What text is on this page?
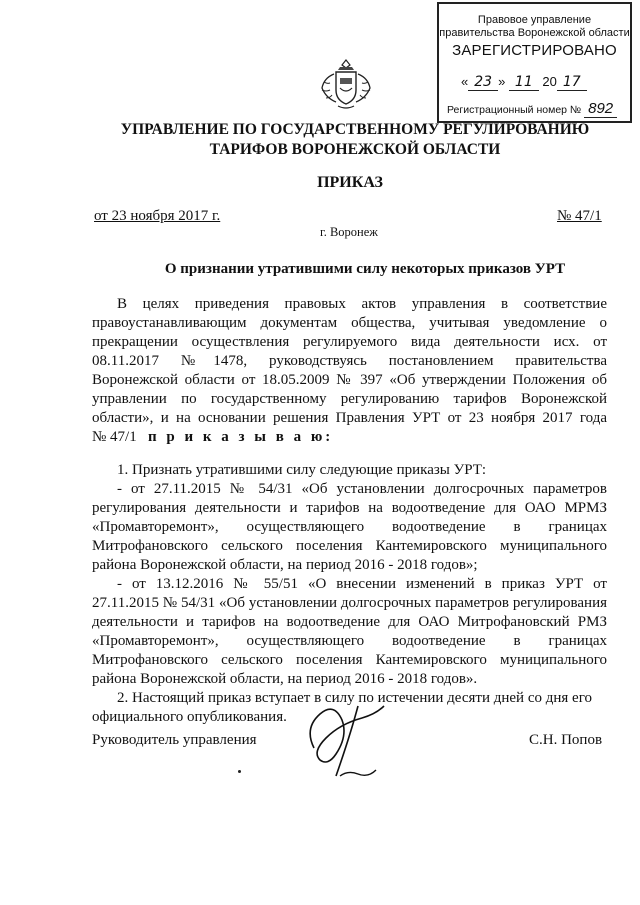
Правовое управление правительства Воронежской области
ЗАРЕГИСТРИРОВАНО
« 23 » 11 20 17
Регистрационный номер № 892
УПРАВЛЕНИЕ ПО ГОСУДАРСТВЕННОМУ РЕГУЛИРОВАНИЮ
ТАРИФОВ ВОРОНЕЖСКОЙ ОБЛАСТИ
ПРИКАЗ
от 23 ноября 2017 г.	№ 47/1
г. Воронеж
О признании утратившими силу некоторых приказов УРТ
В целях приведения правовых актов управления в соответствие
правоустанавливающим документам общества, учитывая уведомление о
прекращении осуществления регулируемого вида деятельности исх. от
08.11.2017 №1478, руководствуясь постановлением правительства
Воронежской области от 18.05.2009 № 397 «Об утверждении Положения об
управлении по государственному регулированию тарифов Воронежской
области», и на основании решения Правления УРТ от 23 ноября 2017 года
№ 47/1 п р и к а з ы в а ю:
1. Признать утратившими силу следующие приказы УРТ:
- от 27.11.2015 № 54/31 «Об установлении долгосрочных параметров
регулирования деятельности и тарифов на водоотведение для ОАО МРМЗ
«Промавторемонт», осуществляющего водоотведение в границах
Митрофановского сельского поселения Кантемировского муниципального
района Воронежской области, на период 2016 - 2018 годов»;
- от 13.12.2016 № 55/51 «О внесении изменений в приказ УРТ от
27.11.2015 № 54/31 «Об установлении долгосрочных параметров регулирования
деятельности и тарифов на водоотведение для ОАО Митрофановский РМЗ
«Промавторемонт», осуществляющего водоотведение в границах
Митрофановского сельского поселения Кантемировского муниципального
района Воронежской области, на период 2016 - 2018 годов».
2. Настоящий приказ вступает в силу по истечении десяти дней со дня его
официального опубликования.
Руководитель управления	С.Н. Попов
